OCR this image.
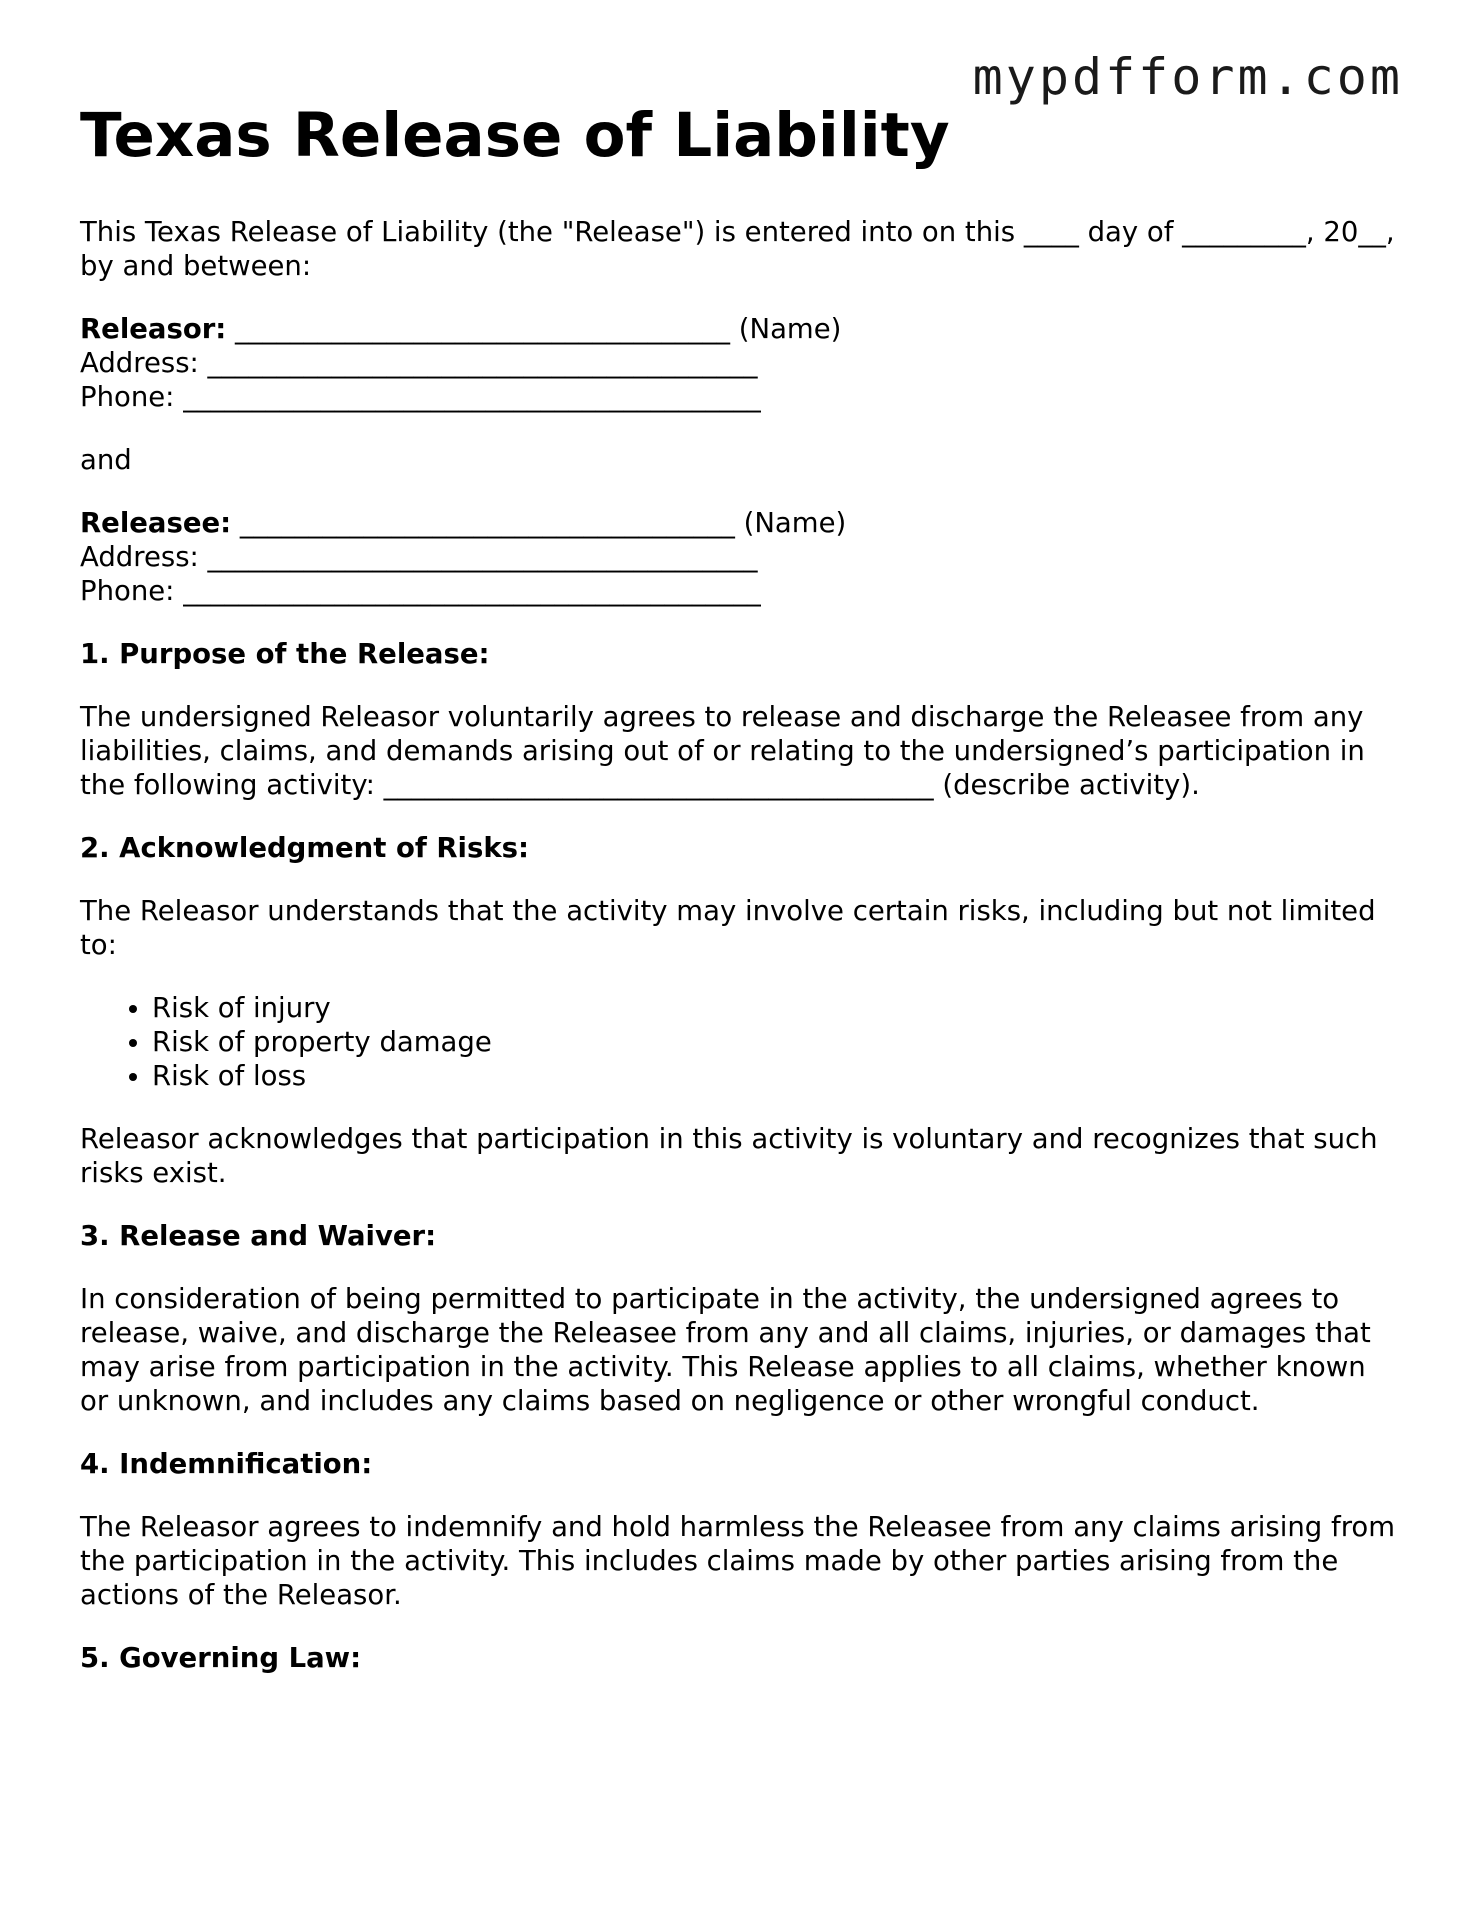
mypdfform.com
Texas Release of Liability

This Texas Release of Liability (the "Release") is entered into on this ____ day of _________, 20__, by and between:

Releasor: ____________________________________ (Name)
Address: ________________________________________
Phone: __________________________________________

and

Releasee: ____________________________________ (Name)
Address: ________________________________________
Phone: __________________________________________
1. Purpose of the Release:

The undersigned Releasor voluntarily agrees to release and discharge the Releasee from any liabilities, claims, and demands arising out of or relating to the undersigned’s participation in the following activity: ________________________________________ (describe activity).

2. Acknowledgment of Risks:

The Releasor understands that the activity may involve certain risks, including but not limited to:

• Risk of injury
• Risk of property damage
• Risk of loss

Releasor acknowledges that participation in this activity is voluntary and recognizes that such risks exist.

3. Release and Waiver:

In consideration of being permitted to participate in the activity, the undersigned agrees to release, waive, and discharge the Releasee from any and all claims, injuries, or damages that may arise from participation in the activity. This Release applies to all claims, whether known or unknown, and includes any claims based on negligence or other wrongful conduct.

4. Indemnification:

The Releasor agrees to indemnify and hold harmless the Releasee from any claims arising from the participation in the activity. This includes claims made by other parties arising from the actions of the Releasor.

5. Governing Law:
